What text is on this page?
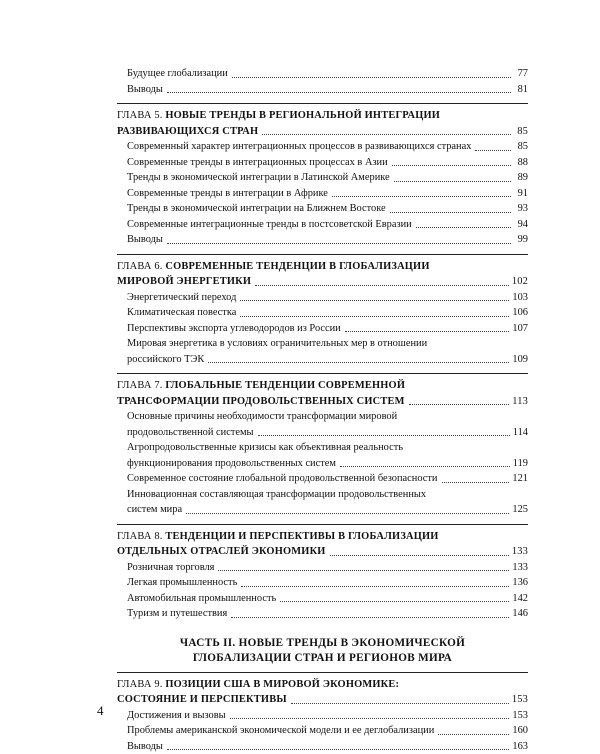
Будущее глобализации	77
Выводы	81
ГЛАВА 5. НОВЫЕ ТРЕНДЫ В РЕГИОНАЛЬНОЙ ИНТЕГРАЦИИ
РАЗВИВАЮЩИХСЯ СТРАН	85
Современный характер интеграционных процессов в развивающихся странах	85
Современные тренды в интеграционных процессах в Азии	88
Тренды в экономической интеграции в Латинской Америке	89
Современные тренды в интеграции в Африке	91
Тренды в экономической интеграции на Ближнем Востоке	93
Современные интеграционные тренды в постсоветской Евразии	94
Выводы	99
ГЛАВА 6. СОВРЕМЕННЫЕ ТЕНДЕНЦИИ В ГЛОБАЛИЗАЦИИ
МИРОВОЙ ЭНЕРГЕТИКИ	102
Энергетический переход	103
Климатическая повестка	106
Перспективы экспорта углеводородов из России	107
Мировая энергетика в условиях ограничительных мер в отношении
российского ТЭК	109
ГЛАВА 7. ГЛОБАЛЬНЫЕ ТЕНДЕНЦИИ СОВРЕМЕННОЙ
ТРАНСФОРМАЦИИ ПРОДОВОЛЬСТВЕННЫХ СИСТЕМ	113
Основные причины необходимости трансформации мировой
продовольственной системы	114
Агропродовольственные кризисы как объективная реальность
функционирования продовольственных систем	119
Современное состояние глобальной продовольственной безопасности	121
Инновационная составляющая трансформации продовольственных
систем мира	125
ГЛАВА 8. ТЕНДЕНЦИИ И ПЕРСПЕКТИВЫ В ГЛОБАЛИЗАЦИИ
ОТДЕЛЬНЫХ ОТРАСЛЕЙ ЭКОНОМИКИ	133
Розничная торговля	133
Легкая промышленность	136
Автомобильная промышленность	142
Туризм и путешествия	146
ЧАСТЬ II. НОВЫЕ ТРЕНДЫ В ЭКОНОМИЧЕСКОЙ
ГЛОБАЛИЗАЦИИ СТРАН И РЕГИОНОВ МИРА
ГЛАВА 9. ПОЗИЦИИ США В МИРОВОЙ ЭКОНОМИКЕ:
СОСТОЯНИЕ И ПЕРСПЕКТИВЫ	153
Достижения и вызовы	153
Проблемы американской экономической модели и ее деглобализации	160
Выводы	163
4
